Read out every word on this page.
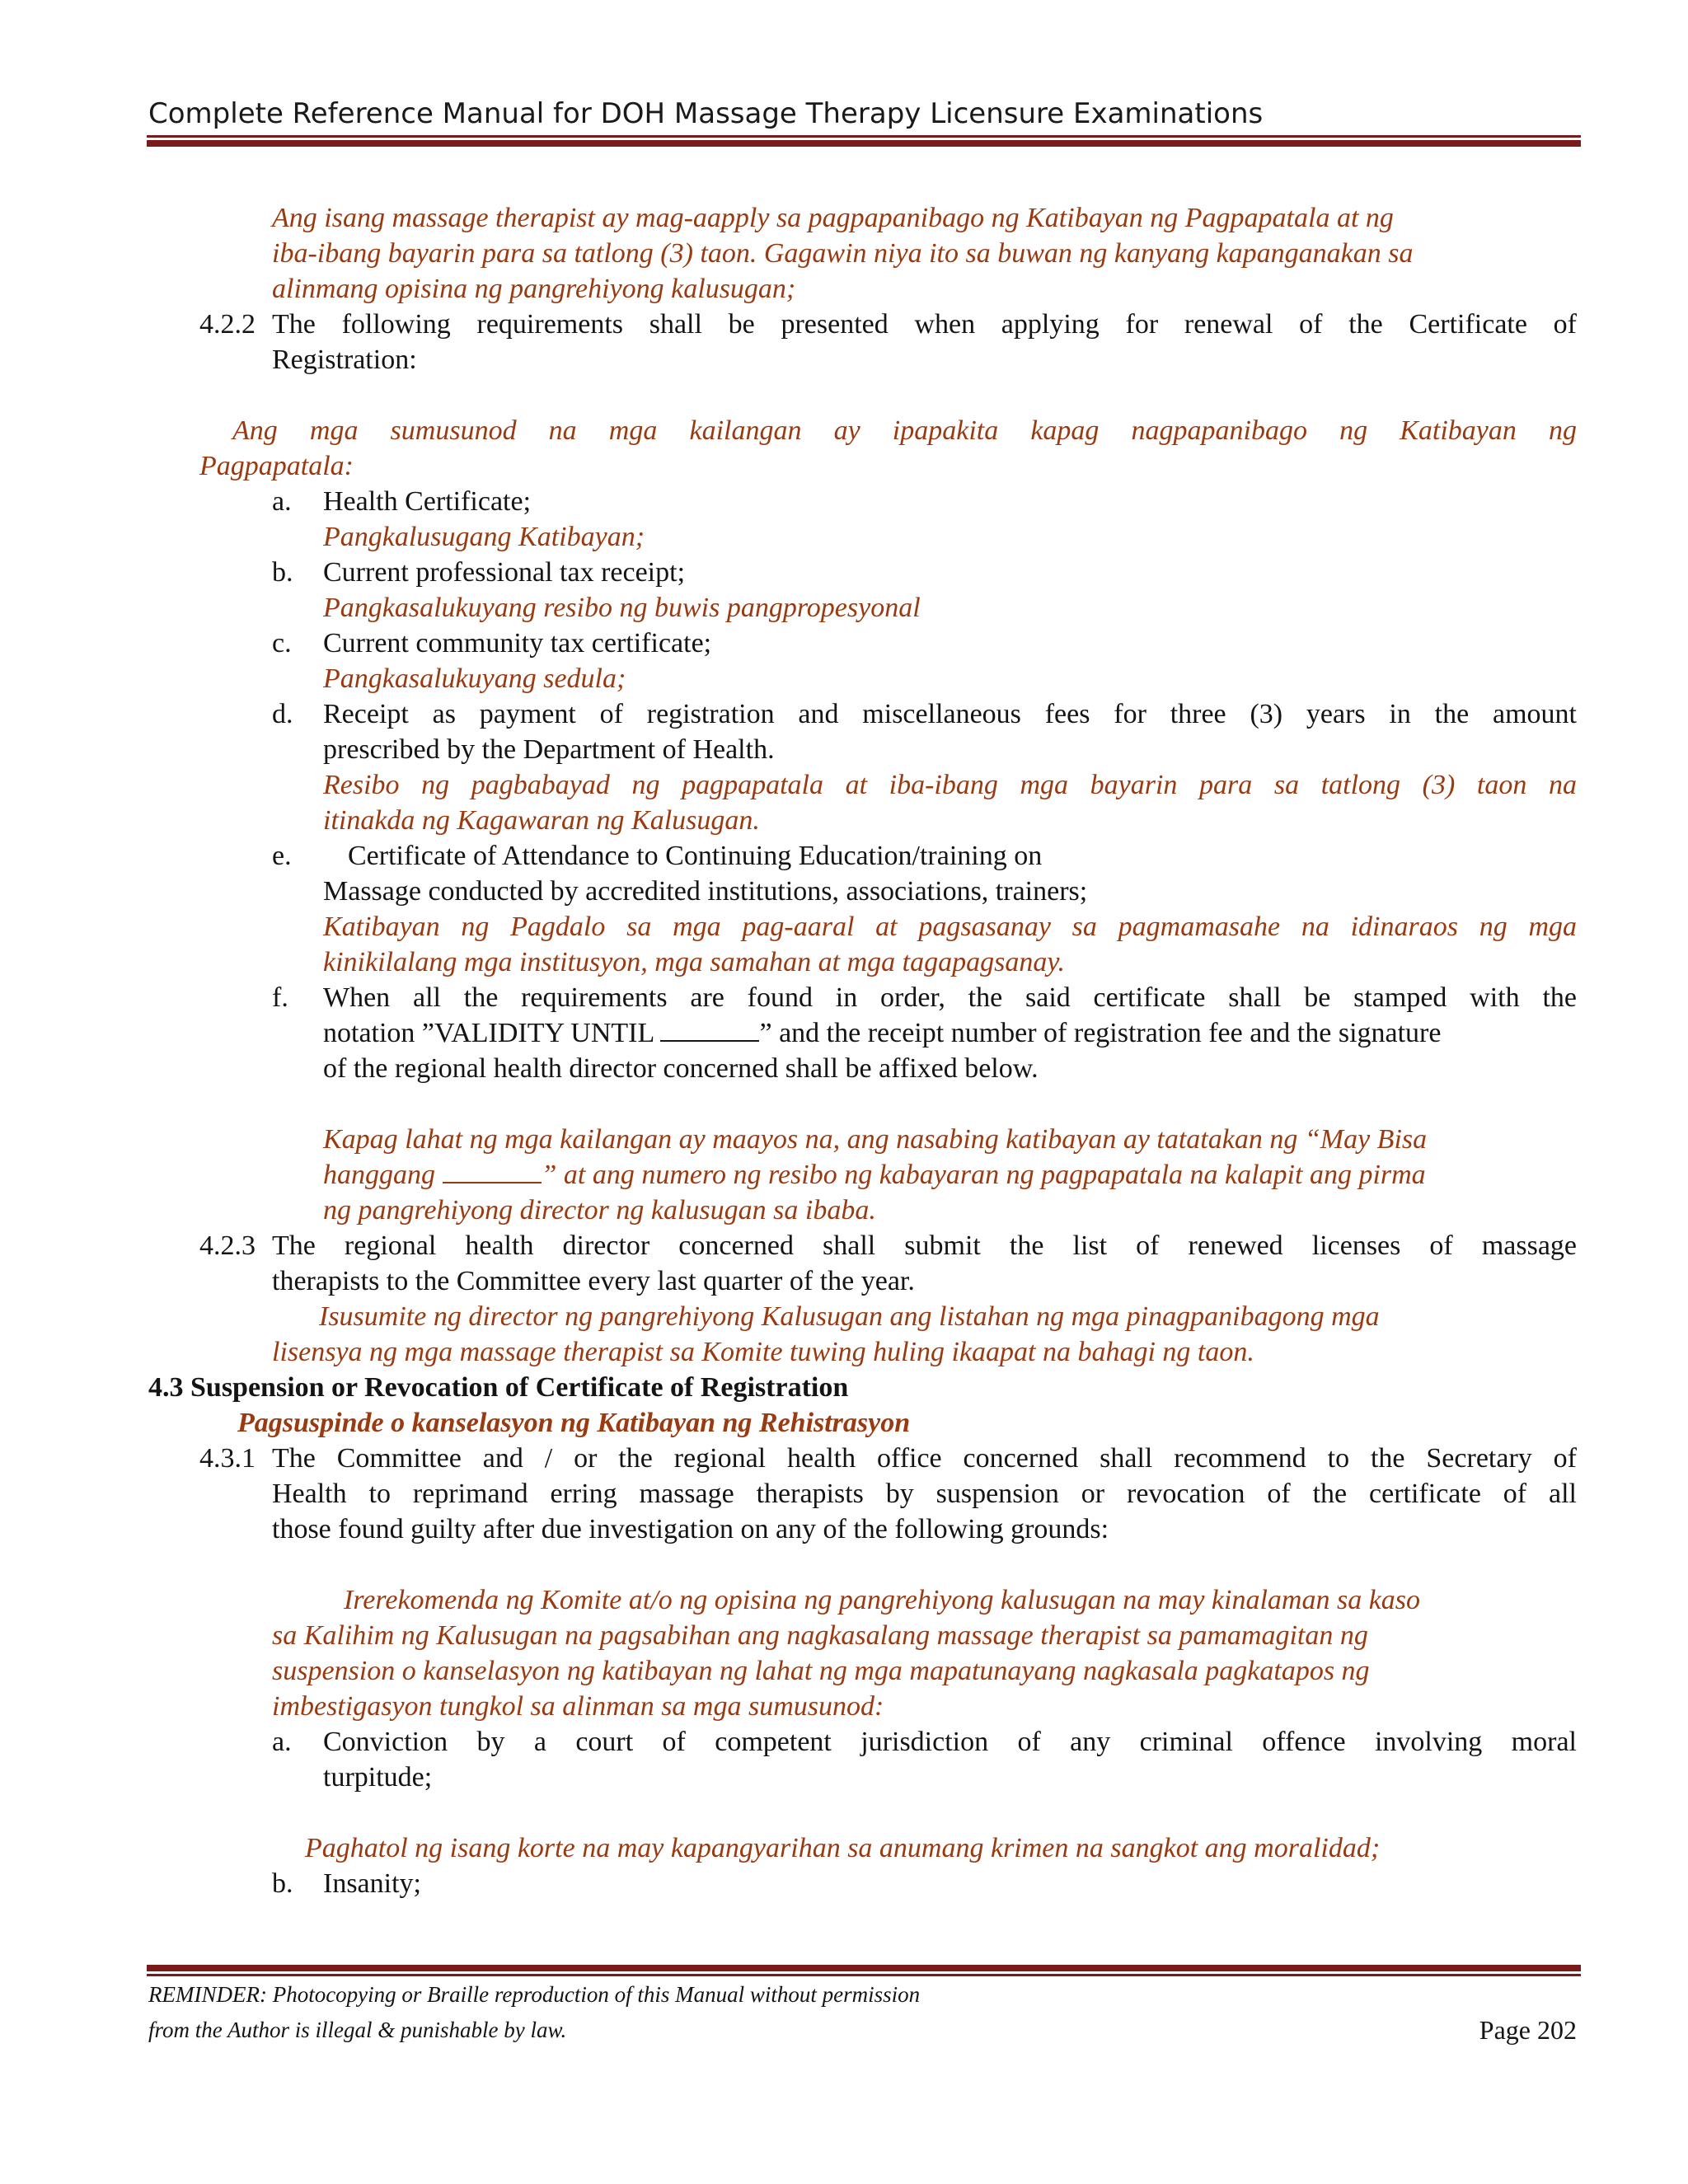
Complete Reference Manual for DOH Massage Therapy Licensure Examinations
Ang isang massage therapist ay mag-aapply sa pagpapanibago ng Katibayan ng Pagpapatala at ng
iba-ibang bayarin para sa tatlong (3) taon. Gagawin niya ito sa buwan ng kanyang kapanganakan sa
alinmang opisina ng pangrehiyong kalusugan;
4.2.2 The following requirements shall be presented when applying for renewal of the Certificate of
Registration:
Ang mga sumusunod na mga kailangan ay ipapakita kapag nagpapanibago ng Katibayan ng
Pagpapatala:
a. Health Certificate;
Pangkalusugang Katibayan;
b. Current professional tax receipt;
Pangkasalukuyang resibo ng buwis pangpropesyonal
c. Current community tax certificate;
Pangkasalukuyang sedula;
d. Receipt as payment of registration and miscellaneous fees for three (3) years in the amount
prescribed by the Department of Health.
Resibo ng pagbabayad ng pagpapatala at iba-ibang mga bayarin para sa tatlong (3) taon na
itinakda ng Kagawaran ng Kalusugan.
e. Certificate of Attendance to Continuing Education/training on
Massage conducted by accredited institutions, associations, trainers;
Katibayan ng Pagdalo sa mga pag-aaral at pagsasanay sa pagmamasahe na idinaraos ng mga
kinikilalang mga institusyon, mga samahan at mga tagapagsanay.
f. When all the requirements are found in order, the said certificate shall be stamped with the
notation ”VALIDITY UNTIL	” and the receipt number of registration fee and the signature
of the regional health director concerned shall be affixed below.
Kapag lahat ng mga kailangan ay maayos na, ang nasabing katibayan ay tatatakan ng “May Bisa
hanggang	” at ang numero ng resibo ng kabayaran ng pagpapatala na kalapit ang pirma
ng pangrehiyong director ng kalusugan sa ibaba.
4.2.3 The regional health director concerned shall submit the list of renewed licenses of massage
therapists to the Committee every last quarter of the year.
Isusumite ng director ng pangrehiyong Kalusugan ang listahan ng mga pinagpanibagong mga
lisensya ng mga massage therapist sa Komite tuwing huling ikaapat na bahagi ng taon.
4.3 Suspension or Revocation of Certificate of Registration
Pagsuspinde o kanselasyon ng Katibayan ng Rehistrasyon
4.3.1 The Committee and / or the regional health office concerned shall recommend to the Secretary of
Health to reprimand erring massage therapists by suspension or revocation of the certificate of all
those found guilty after due investigation on any of the following grounds:
Irerekomenda ng Komite at/o ng opisina ng pangrehiyong kalusugan na may kinalaman sa kaso
sa Kalihim ng Kalusugan na pagsabihan ang nagkasalang massage therapist sa pamamagitan ng
suspension o kanselasyon ng katibayan ng lahat ng mga mapatunayang nagkasala pagkatapos ng
imbestigasyon tungkol sa alinman sa mga sumusunod:
a. Conviction by a court of competent jurisdiction of any criminal offence involving moral
turpitude;
Paghatol ng isang korte na may kapangyarihan sa anumang krimen na sangkot ang moralidad;
b. Insanity;
REMINDER: Photocopying or Braille reproduction of this Manual without permission
from the Author is illegal & punishable by law.	Page 202
